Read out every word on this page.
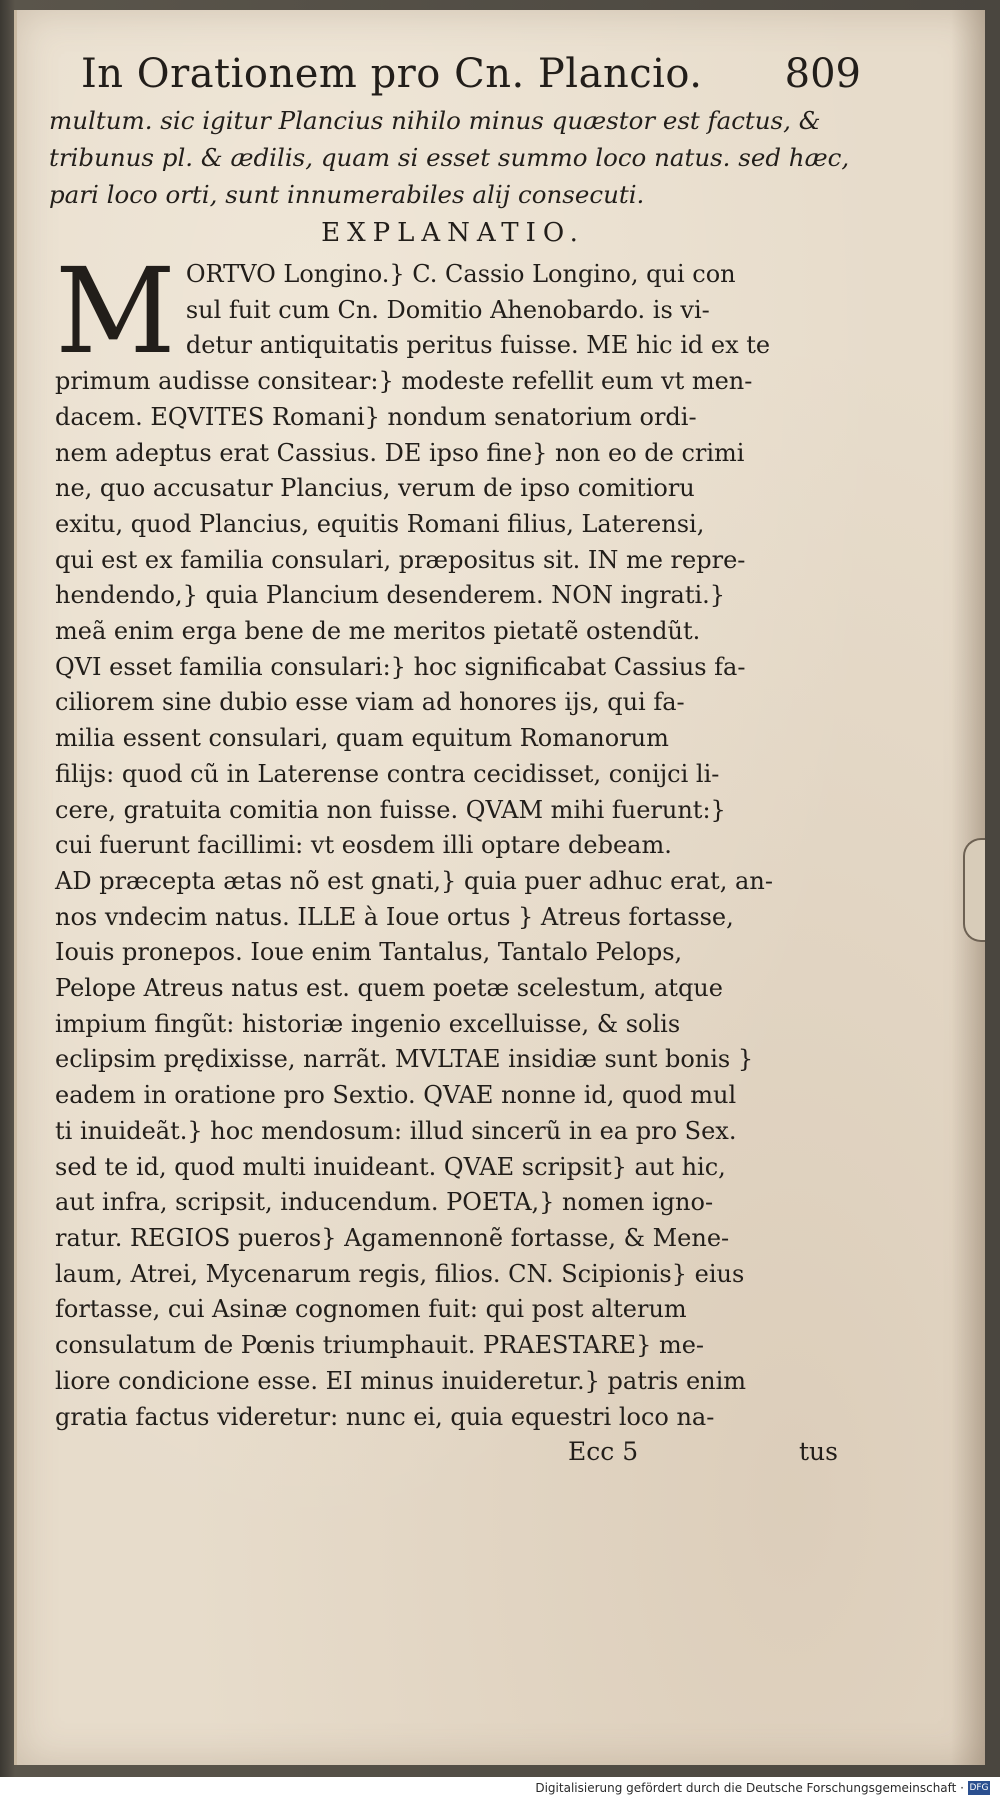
In Orationem pro Cn. Plancio. 809
multum. sic igitur Plancius nihilo minus quæstor est factus, &
tribunus pl. & ædilis, quam si esset summo loco natus. sed hæc,
pari loco orti, sunt innumerabiles alij consecuti.
EXPLANATIO.
M ORTVO Longino.} C. Cassio Longino, qui con
sul fuit cum Cn. Domitio Ahenobardo. is vi-
detur antiquitatis peritus fuisse. ME hic id ex te
primum audisse consitear:} modeste refellit eum vt men-
dacem. EQVITES Romani} nondum senatorium ordi-
nem adeptus erat Cassius. DE ipso fine} non eo de crimi
ne, quo accusatur Plancius, verum de ipso comitioru
exitu, quod Plancius, equitis Romani filius, Laterensi,
qui est ex familia consulari, præpositus sit. IN me repre-
hendendo,} quia Plancium desenderem. NON ingrati.}
meã enim erga bene de me meritos pietatẽ ostendũt.
QVI esset familia consulari:} hoc significabat Cassius fa-
ciliorem sine dubio esse viam ad honores ijs, qui fa-
milia essent consulari, quam equitum Romanorum
filijs: quod cũ in Laterense contra cecidisset, conijci li-
cere, gratuita comitia non fuisse. QVAM mihi fuerunt:}
cui fuerunt facillimi: vt eosdem illi optare debeam.
AD præcepta ætas nõ est gnati,} quia puer adhuc erat, an-
nos vndecim natus. ILLE à Ioue ortus } Atreus fortasse,
Iouis pronepos. Ioue enim Tantalus, Tantalo Pelops,
Pelope Atreus natus est. quem poetæ scelestum, atque
impium fingũt: historiæ ingenio excelluisse, & solis
eclipsim prędixisse, narrãt. MVLTAE insidiæ sunt bonis }
eadem in oratione pro Sextio. QVAE nonne id, quod mul
ti inuideãt.} hoc mendosum: illud sincerũ in ea pro Sex.
sed te id, quod multi inuideant. QVAE scripsit} aut hic,
aut infra, scripsit, inducendum. POETA,} nomen igno-
ratur. REGIOS pueros} Agamennonẽ fortasse, & Mene-
laum, Atrei, Mycenarum regis, filios. CN. Scipionis} eius
fortasse, cui Asinæ cognomen fuit: qui post alterum
consulatum de Pœnis triumphauit. PRAESTARE} me-
liore condicione esse. EI minus inuideretur.} patris enim
gratia factus videretur: nunc ei, quia equestri loco na-
Ecc 5	tus
Digitalisierung gefördert durch die Deutsche Forschungsgemeinschaft · DFG
